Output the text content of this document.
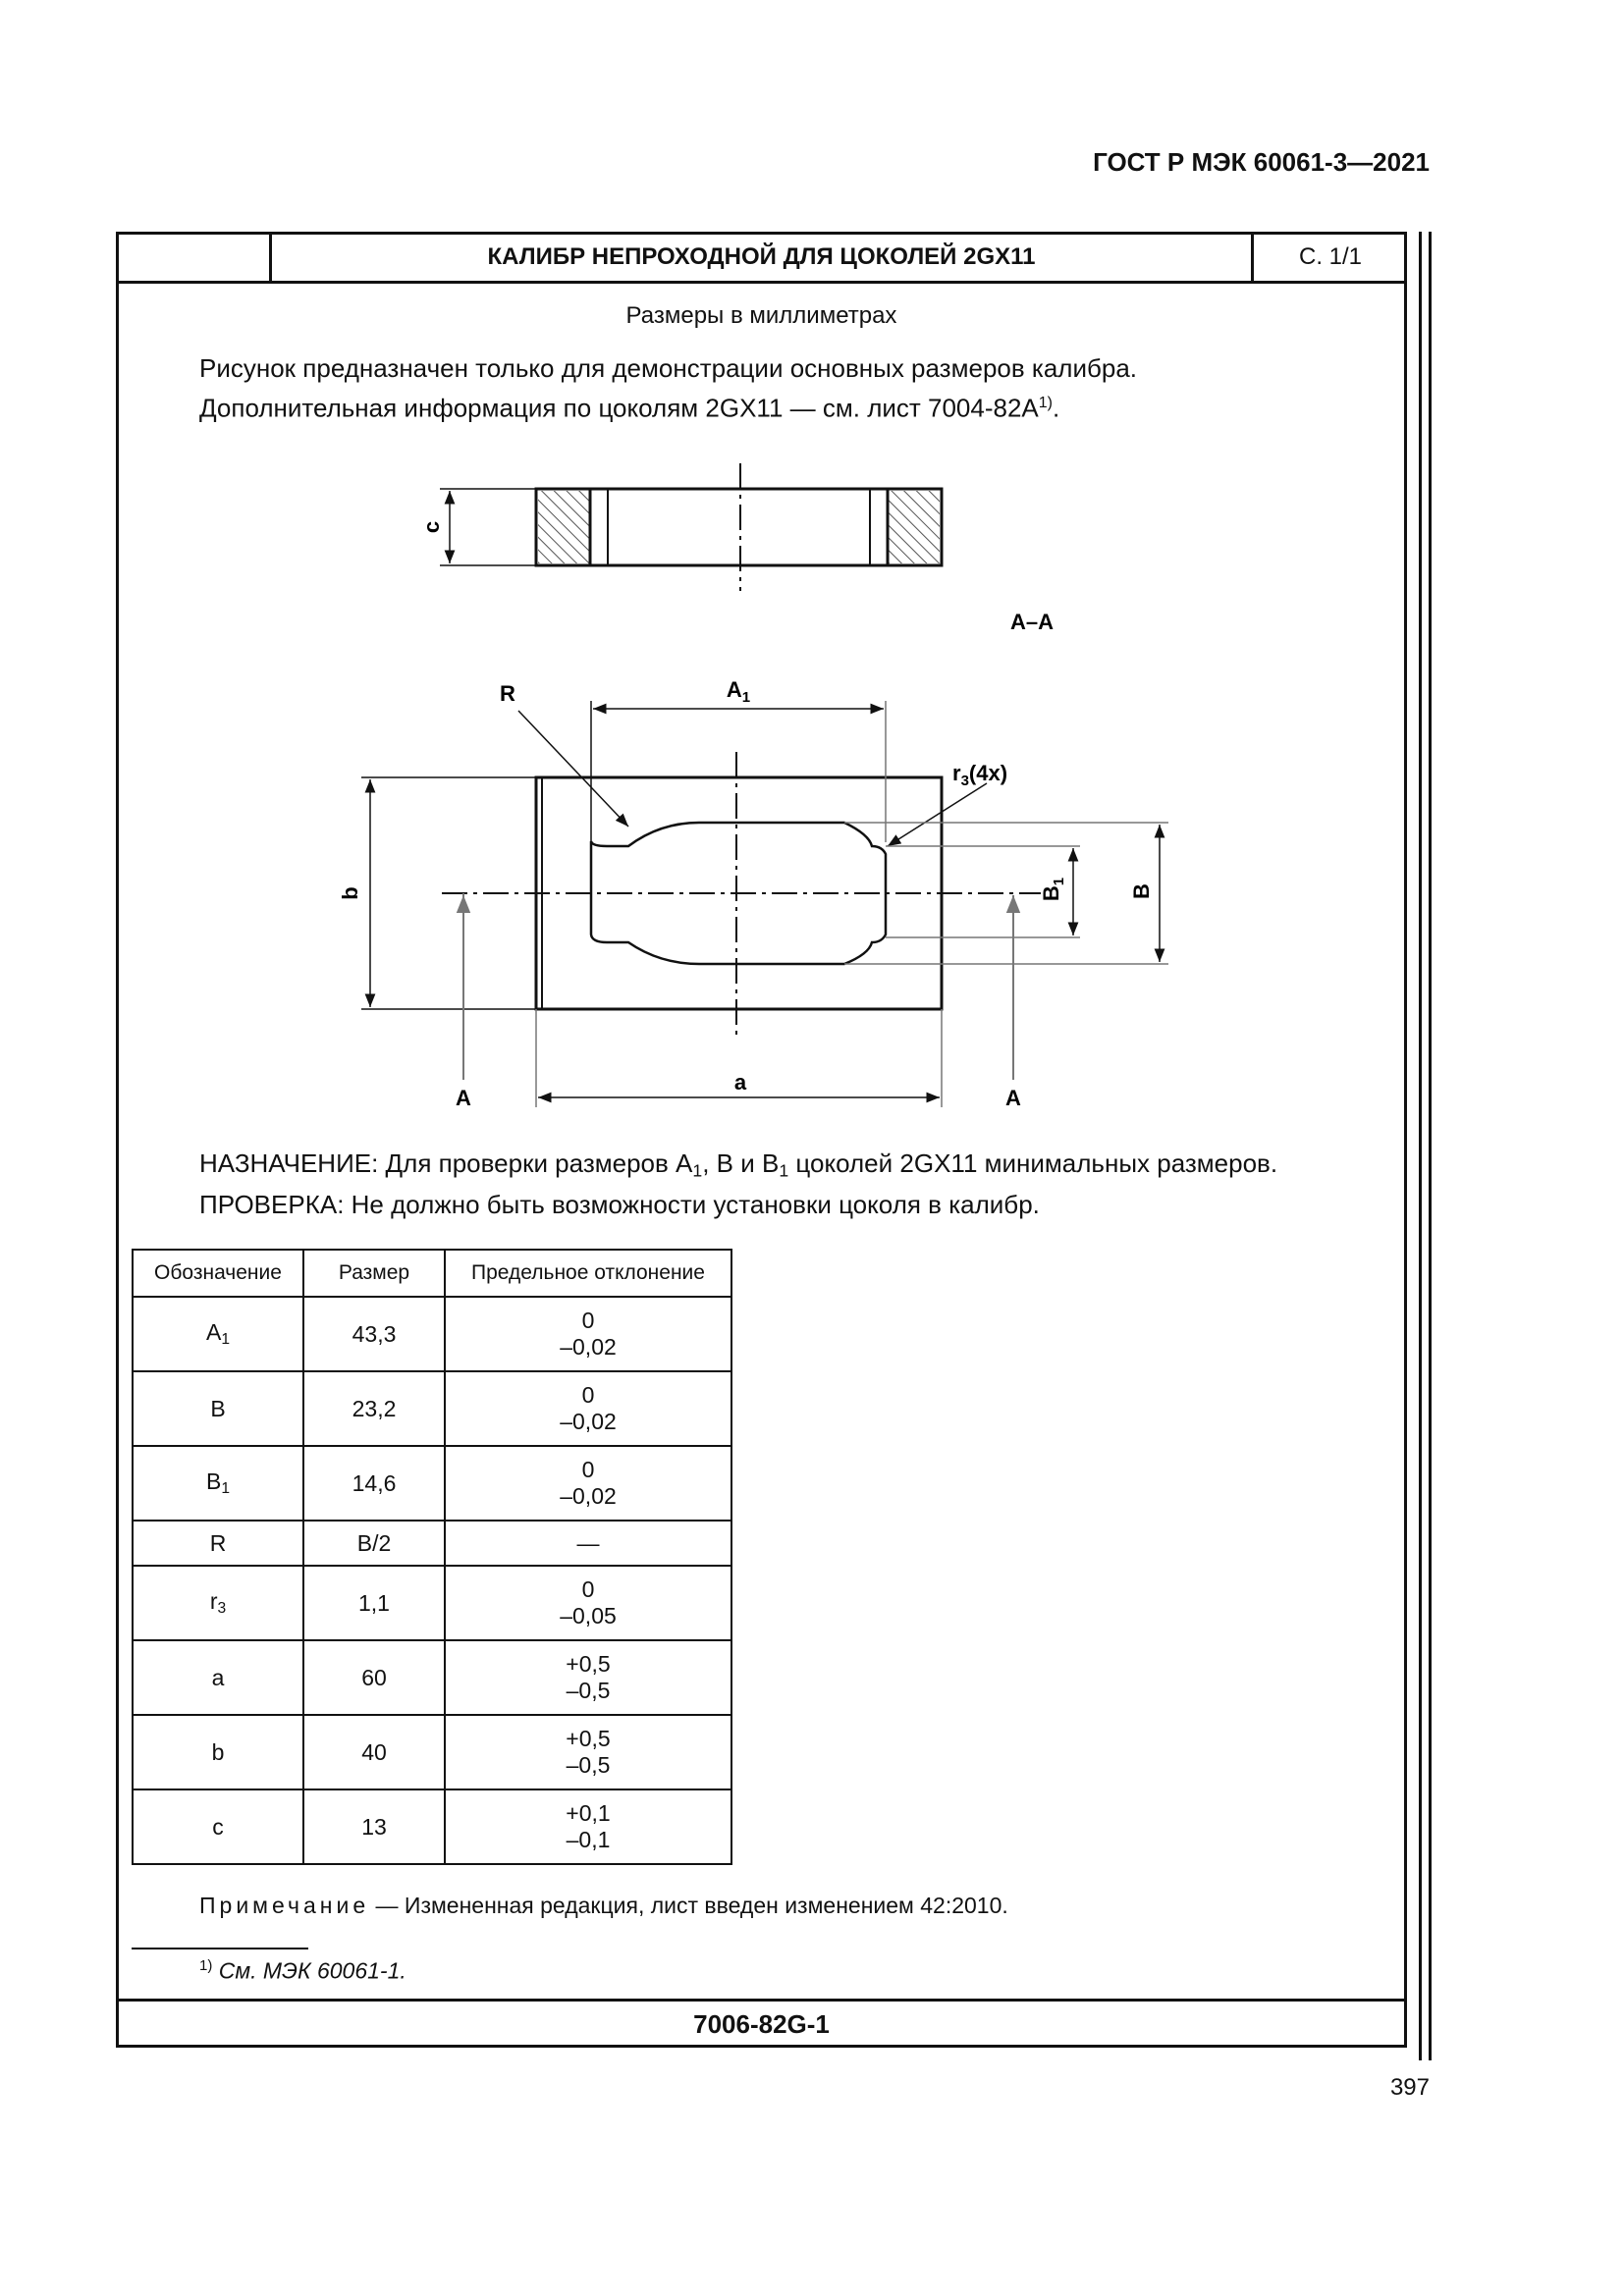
ГОСТ Р МЭК 60061-3—2021
КАЛИБР НЕПРОХОДНОЙ ДЛЯ ЦОКОЛЕЙ 2GX11	С. 1/1
Размеры в миллиметрах
Рисунок предназначен только для демонстрации основных размеров калибра.
Дополнительная информация по цоколям 2GX11 — см. лист $7004-82A^{1)}$.
c
A–A
$A_1$
R
$r_3(4x)$
b	$B_1$
B
a
A	A
НАЗНАЧЕНИЕ: Для проверки размеров $A_1$, B и $B_1$ цоколей 2GX11 минимальных размеров.
ПРОВЕРКА: Не должно быть возможности установки цоколя в калибр.
Обозначение	Размер	Предельное отклонение
$A_1$	43,3	0
–0,02

B	23,2	0
–0,02

$B_1$	14,6	0
–0,02

R	B/2	—

$r_3$	1,1	0
–0,05

a	60	+0,5
–0,5

b	40	+0,5
–0,5

c	13	+0,1
–0,1
Примечание — Измененная редакция, лист введен изменением 42:2010.
$^{1)}$ См. МЭК 60061-1.
7006-82G-1
397
